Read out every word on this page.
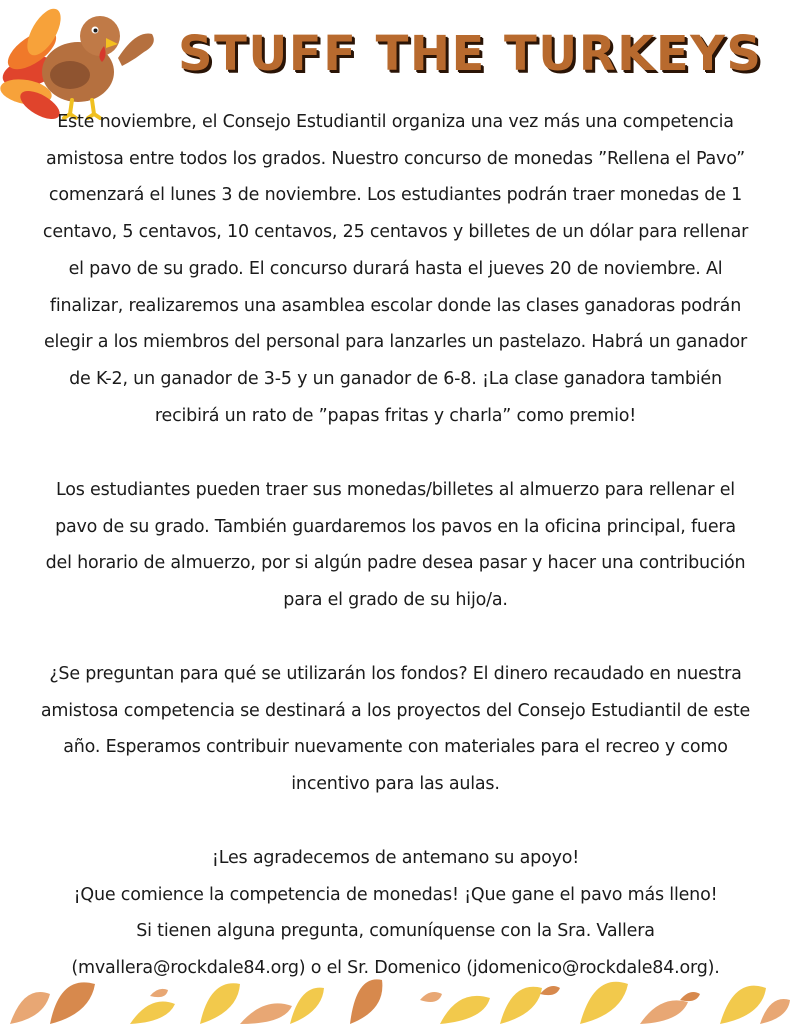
STUFF THE TURKEYS
Este noviembre, el Consejo Estudiantil organiza una vez más una competencia
amistosa entre todos los grados. Nuestro concurso de monedas ”Rellena el Pavo”
comenzará el lunes 3 de noviembre. Los estudiantes podrán traer monedas de 1
centavo, 5 centavos, 10 centavos, 25 centavos y billetes de un dólar para rellenar
el pavo de su grado. El concurso durará hasta el jueves 20 de noviembre. Al
finalizar, realizaremos una asamblea escolar donde las clases ganadoras podrán
elegir a los miembros del personal para lanzarles un pastelazo. Habrá un ganador
de K-2, un ganador de 3-5 y un ganador de 6-8. ¡La clase ganadora también
recibirá un rato de ”papas fritas y charla” como premio!
Los estudiantes pueden traer sus monedas/billetes al almuerzo para rellenar el
pavo de su grado. También guardaremos los pavos en la oficina principal, fuera
del horario de almuerzo, por si algún padre desea pasar y hacer una contribución
para el grado de su hijo/a.
¿Se preguntan para qué se utilizarán los fondos? El dinero recaudado en nuestra
amistosa competencia se destinará a los proyectos del Consejo Estudiantil de este
año. Esperamos contribuir nuevamente con materiales para el recreo y como
incentivo para las aulas.
¡Les agradecemos de antemano su apoyo!
¡Que comience la competencia de monedas! ¡Que gane el pavo más lleno!
Si tienen alguna pregunta, comuníquense con la Sra. Vallera
(mvallera@rockdale84.org) o el Sr. Domenico (jdomenico@rockdale84.org).
